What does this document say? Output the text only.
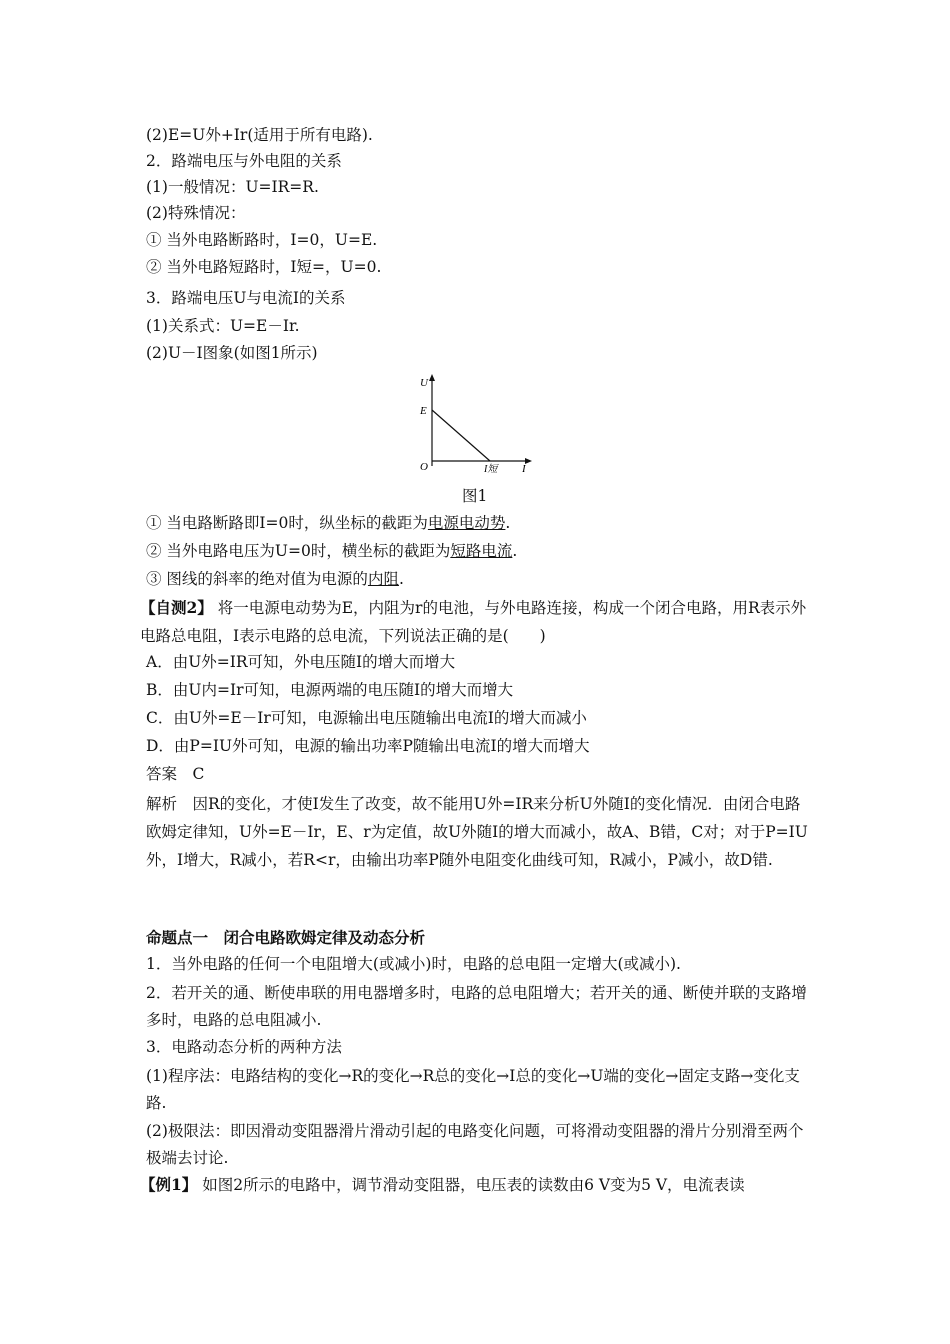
(2)E=U外+Ir(适用于所有电路).
2．路端电压与外电阻的关系
(1)一般情况：U=IR=R.
(2)特殊情况：
① 当外电路断路时，I=0，U=E.
② 当外电路短路时，I短=，U=0.
3．路端电压U与电流I的关系
(1)关系式：U=E－Ir.
(2)U－I图象(如图1所示)
U
E
O	I短 I
图1
① 当电路断路即I=0时，纵坐标的截距为电源电动势.
② 当外电路电压为U=0时，横坐标的截距为短路电流.
③ 图线的斜率的绝对值为电源的内阻.
【自测2】 将一电源电动势为E，内阻为r的电池，与外电路连接，构成一个闭合电路，用R表示外电路总电阻，I表示电路的总电流，下列说法正确的是(　　)
A．由U外=IR可知，外电压随I的增大而增大
B．由U内=Ir可知，电源两端的电压随I的增大而增大
C．由U外=E－Ir可知，电源输出电压随输出电流I的增大而减小
D．由P=IU外可知，电源的输出功率P随输出电流I的增大而增大
答案　C
解析　因R的变化，才使I发生了改变，故不能用U外=IR来分析U外随I的变化情况．由闭合电路欧姆定律知，U外=E－Ir，E、r为定值，故U外随I的增大而减小，故A、B错，C对；对于P=IU外，I增大，R减小，若R<r，由输出功率P随外电阻变化曲线可知，R减小，P减小，故D错.
命题点一　闭合电路欧姆定律及动态分析
1．当外电路的任何一个电阻增大(或减小)时，电路的总电阻一定增大(或减小).
2．若开关的通、断使串联的用电器增多时，电路的总电阻增大；若开关的通、断使并联的支路增多时，电路的总电阻减小.
3．电路动态分析的两种方法
(1)程序法：电路结构的变化→R的变化→R总的变化→I总的变化→U端的变化→固定支路→变化支路.
(2)极限法：即因滑动变阻器滑片滑动引起的电路变化问题，可将滑动变阻器的滑片分别滑至两个极端去讨论.
【例1】 如图2所示的电路中，调节滑动变阻器，电压表的读数由6 V变为5 V，电流表读
